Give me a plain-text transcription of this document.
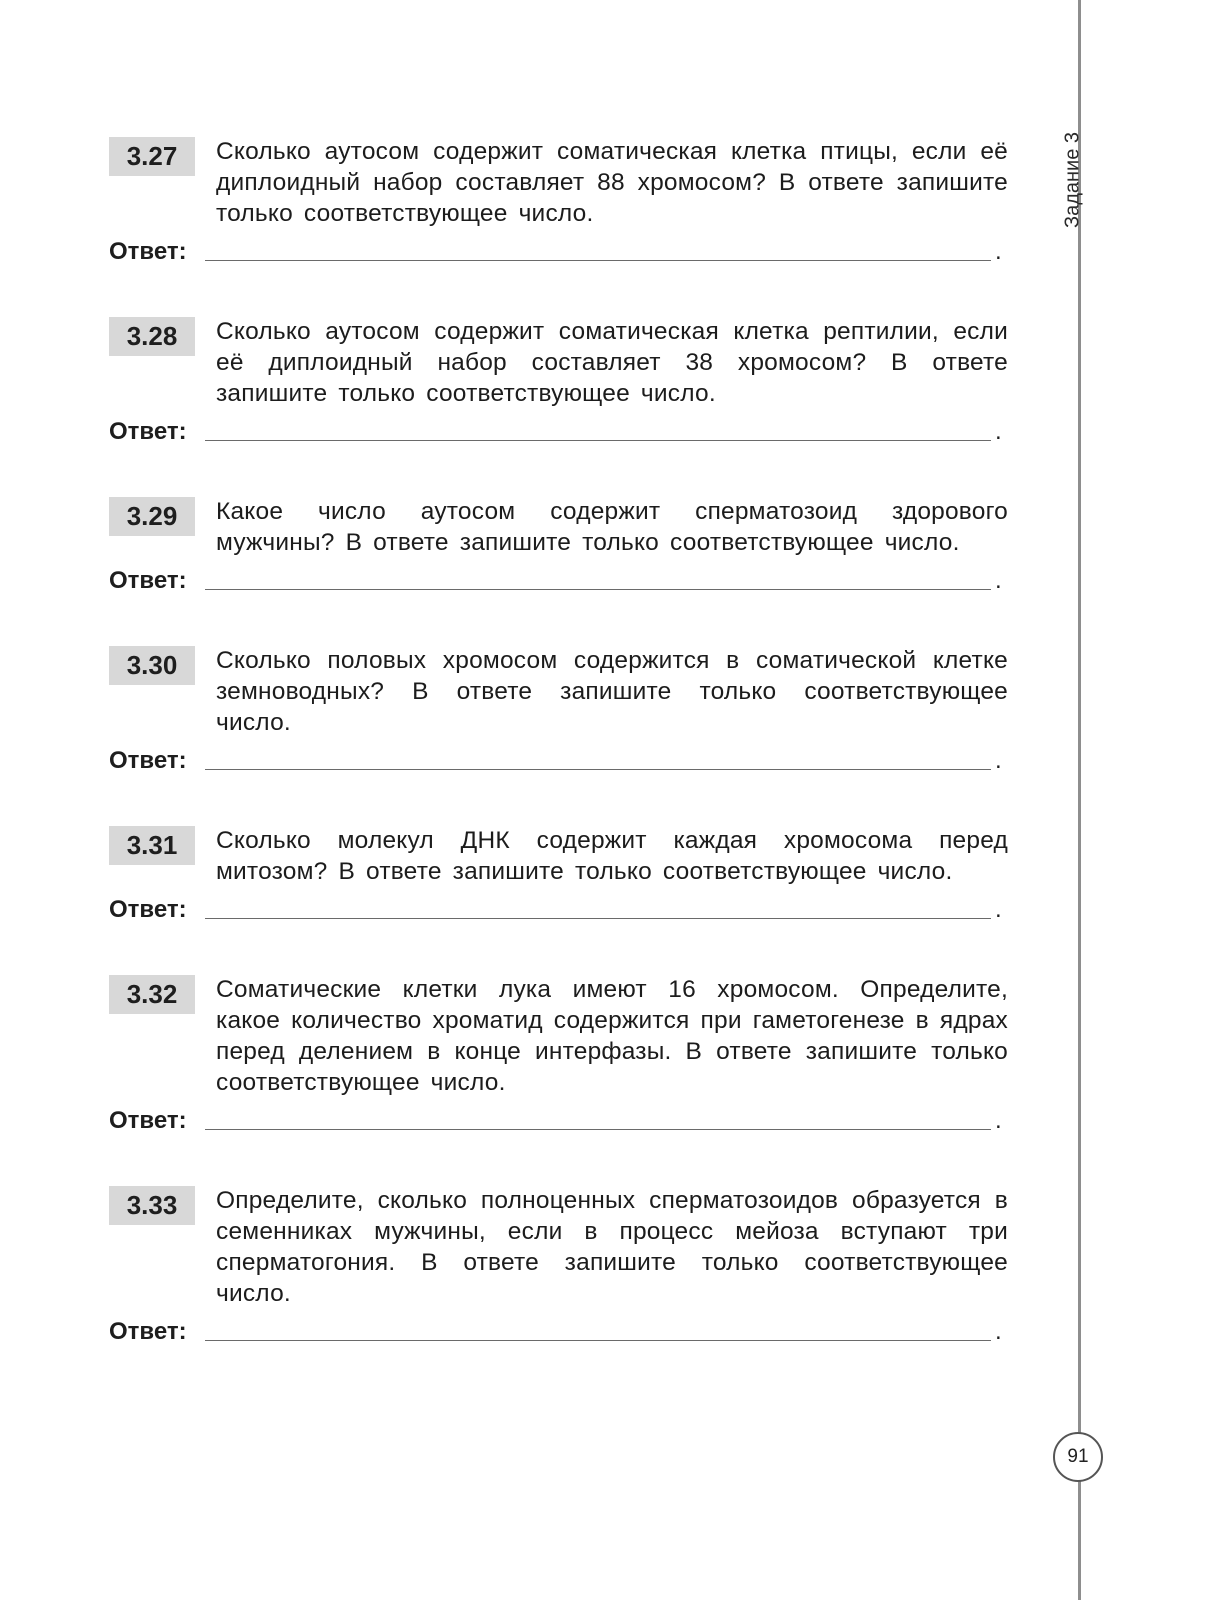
Задание 3
3.27	Сколько аутосом содержит соматическая клетка птицы, если её диплоидный набор составляет 88 хромосом? В ответе запишите только соответствующее число.
Ответ:	.
3.28	Сколько аутосом содержит соматическая клетка рептилии, если её диплоидный набор составляет 38 хромосом? В ответе запишите только соответствующее число.
Ответ:	.
3.29	Какое число аутосом содержит сперматозоид здорового мужчины? В ответе запишите только соответствующее число.
Ответ:	.
3.30	Сколько половых хромосом содержится в соматической клетке земноводных? В ответе запишите только соответствующее число.
Ответ:	.
3.31	Сколько молекул ДНК содержит каждая хромосома перед митозом? В ответе запишите только соответствующее число.
Ответ:	.
3.32	Соматические клетки лука имеют 16 хромосом. Определите, какое количество хроматид содержится при гаметогенезе в ядрах перед делением в конце интерфазы. В ответе запишите только соответствующее число.
Ответ:	.
3.33	Определите, сколько полноценных сперматозоидов образуется в семенниках мужчины, если в процесс мейоза вступают три сперматогония. В ответе запишите только соответствующее число.
Ответ:	.
91
